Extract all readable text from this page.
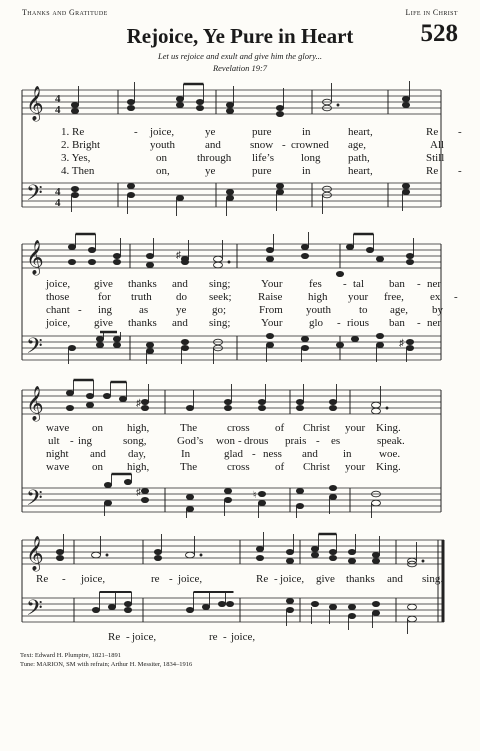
Thanks and Gratitude	Life in Christ
Rejoice, Ye Pure in Heart	528
Let us rejoice and exult and give him the glory...
Revelation 19:7
𝄞
𝄢
4
4
4
4
1. Re	- joice,	ye	pure	in	heart,	Re -
2. Bright	youth	and	snow - crowned age,	All
3. Yes,	on	through life’s long path,	Still
4. Then	on,	ye	pure	in	heart,	Re -
𝄞
𝄢
♯
♯
joice, give thanks and sing;	Your fes - tal ban - ner
those	for truth do seek; Raise high your free, ex -
chant - ing as	ye go;	From youth	to age, by
joice, give thanks and sing;	Your glo - rious ban - ner
𝄞
𝄢
♯
♯	♮
wave on high,	The	cross of Christ your King.
ult - ing	song,	God’s won - drous prais - es	speak.
night and day,	In	glad - ness and in woe.
wave on high,	The	cross of Christ your King.
𝄞
𝄢
Re - joice,	re - joice,	Re - joice, give thanks and sing.
Re - joice,	re - joice,
Text: Edward H. Plumptre, 1821–1891
Tune: MARION, SM with refrain; Arthur H. Messiter, 1834–1916
